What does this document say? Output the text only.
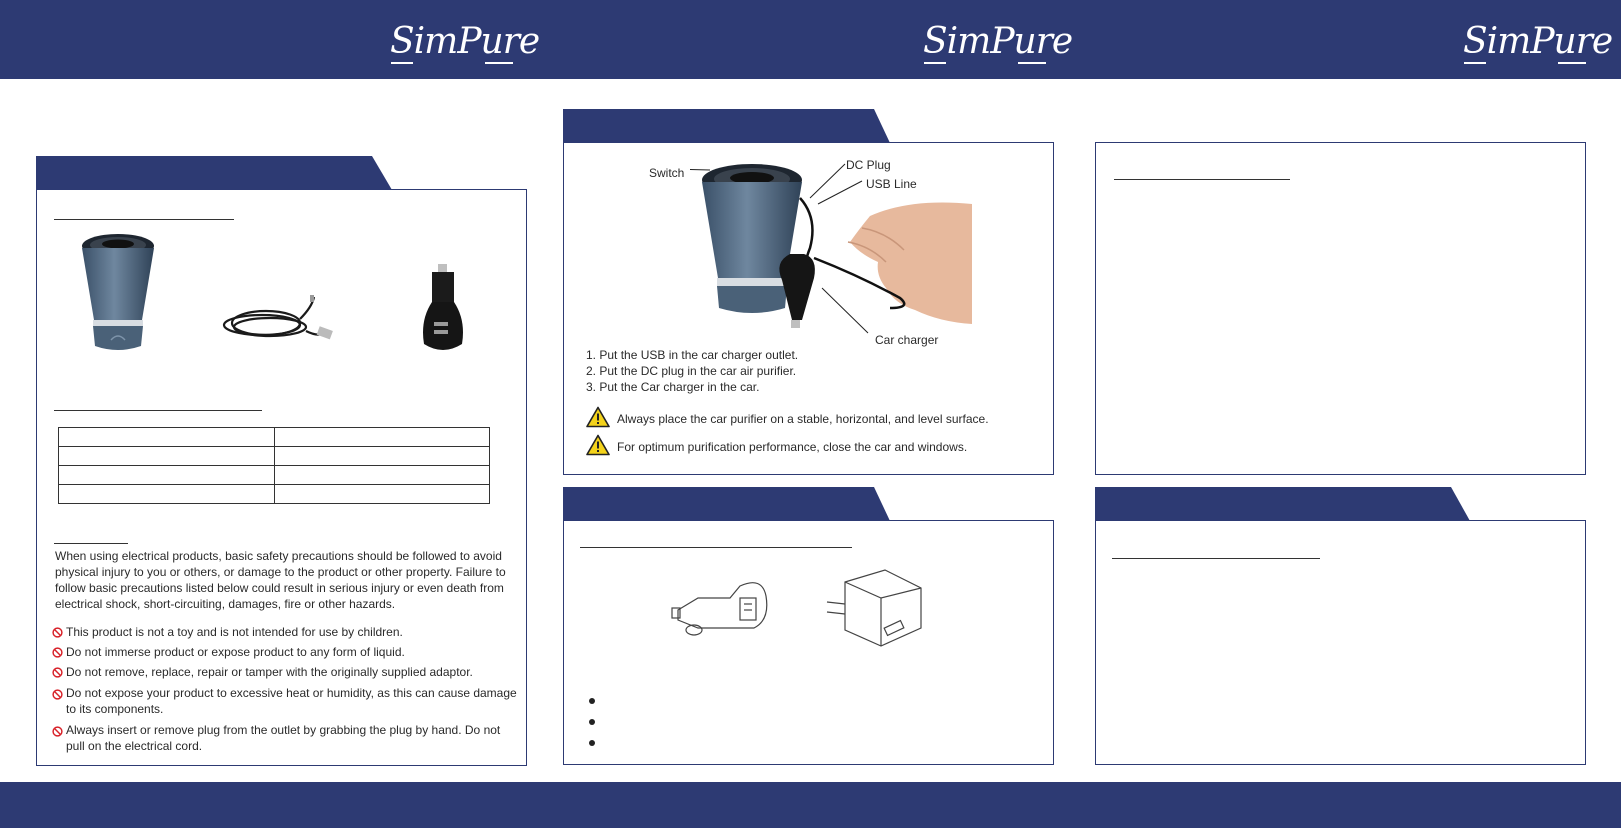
SimPure	SimPure	SimPure

When using electrical products, basic safety precautions should be followed to avoid physical injury to you or others, or damage to the product or other property. Failure to follow basic precautions listed below could result in serious injury or even death from electrical shock, short-circuiting, damages, fire or other hazards.
This product is not a toy and is not intended for use by children.
Do not immerse product or expose product to any form of liquid.
Do not remove, replace, repair or tamper with the originally supplied adaptor.
Do not expose your product to excessive heat or humidity, as this can cause damage to its components.
Always insert or remove plug from the outlet by grabbing the plug by hand. Do not pull on the electrical cord.
Switch
DC Plug
USB Line
Car charger
1. Put the USB in the car charger outlet.
2. Put the DC plug in the car air purifier.
3. Put the Car charger in the car.
Always place the car purifier on a stable, horizontal, and level surface.
For optimum purification performance, close the car and windows.
